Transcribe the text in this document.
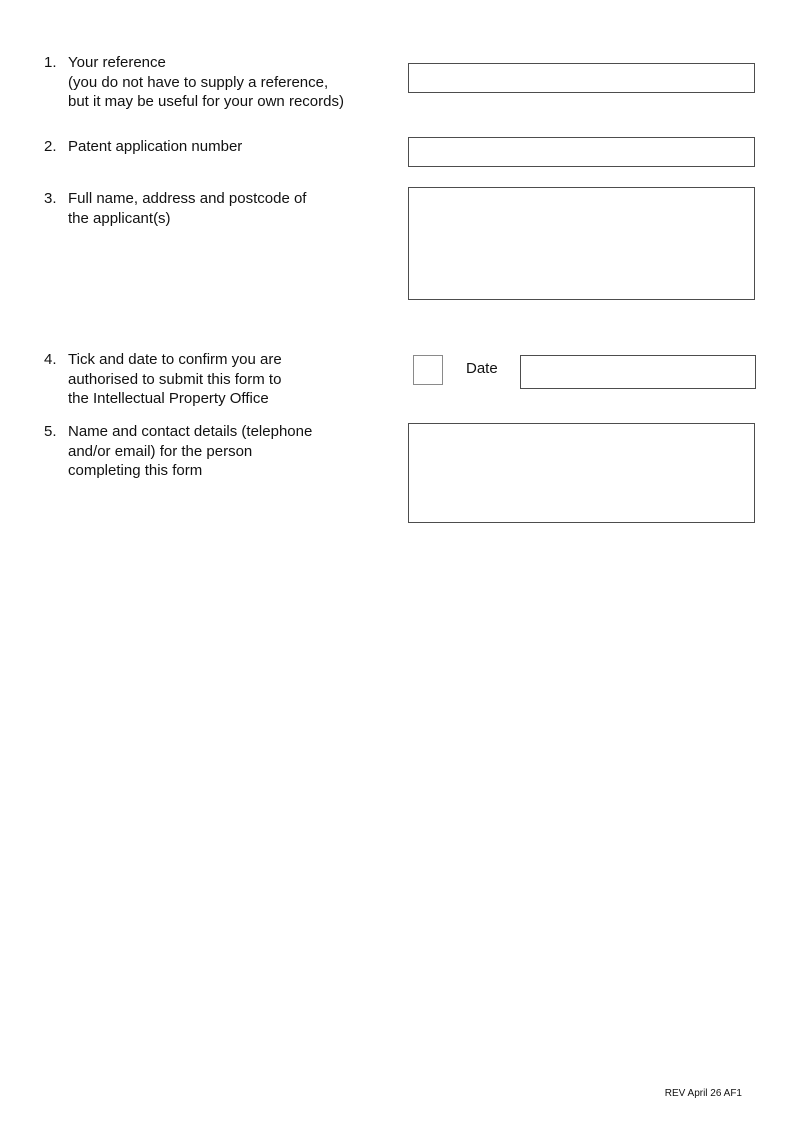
1. Your reference
(you do not have to supply a reference,
but it may be useful for your own records)
2. Patent application number
3. Full name, address and postcode of
the applicant(s)
4. Tick and date to confirm you are
authorised to submit this form to
the Intellectual Property Office
Date
5. Name and contact details (telephone
and/or email) for the person
completing this form
REV April 26 AF1
